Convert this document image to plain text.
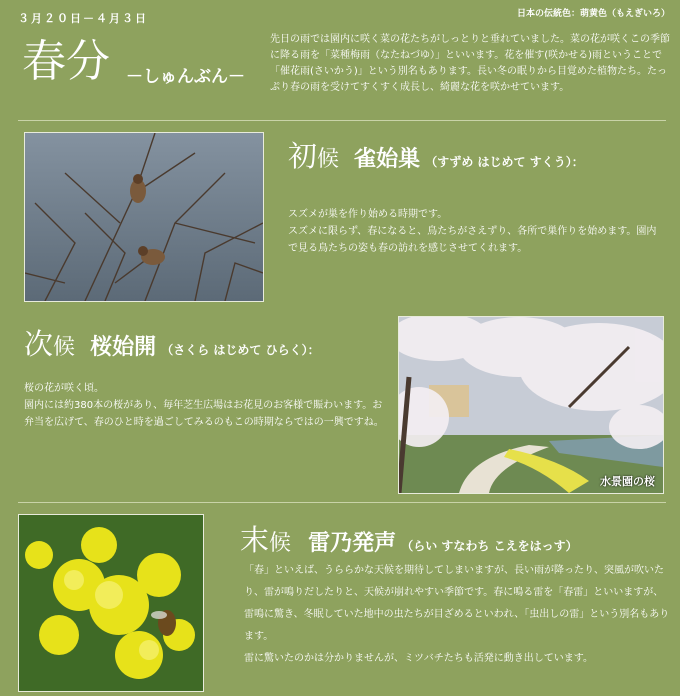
３月２０日－４月３日	日本の伝統色：萌黄色（もえぎいろ）
春分 －しゅんぶん－
先日の雨では園内に咲く菜の花たちがしっとりと垂れていました。菜の花が咲くこの季節に降る雨を「菜種梅雨（なたねづゆ）」といいます。花を催す(咲かせる)雨ということで「催花雨(さいかう)」という別名もあります。長い冬の眠りから目覚めた植物たち。たっぷり春の雨を受けてすくすく成長し、綺麗な花を咲かせています。
初候 雀始巣 （すずめ はじめて すくう）：
スズメが巣を作り始める時期です。
スズメに限らず、春になると、鳥たちがさえずり、各所で巣作りを始めます。園内で見る鳥たちの姿も春の訪れを感じさせてくれます。
次候 桜始開 （さくら はじめて ひらく）：
桜の花が咲く頃。
園内には約380本の桜があり、毎年芝生広場はお花見のお客様で賑わいます。お弁当を広げて、春のひと時を過ごしてみるのもこの時期ならではの一興ですね。
水景園の桜
末候 雷乃発声 （らい すなわち こえをはっす）
「春」といえば、うららかな天候を期待してしまいますが、長い雨が降ったり、突風が吹いたり、雷が鳴りだしたりと、天候が崩れやすい季節です。春に鳴る雷を「春雷」といいますが、雷鳴に驚き、冬眠していた地中の虫たちが目ざめるといわれ、「虫出しの雷」という別名もあります。
雷に驚いたのかは分かりませんが、ミツバチたちも活発に動き出しています。
